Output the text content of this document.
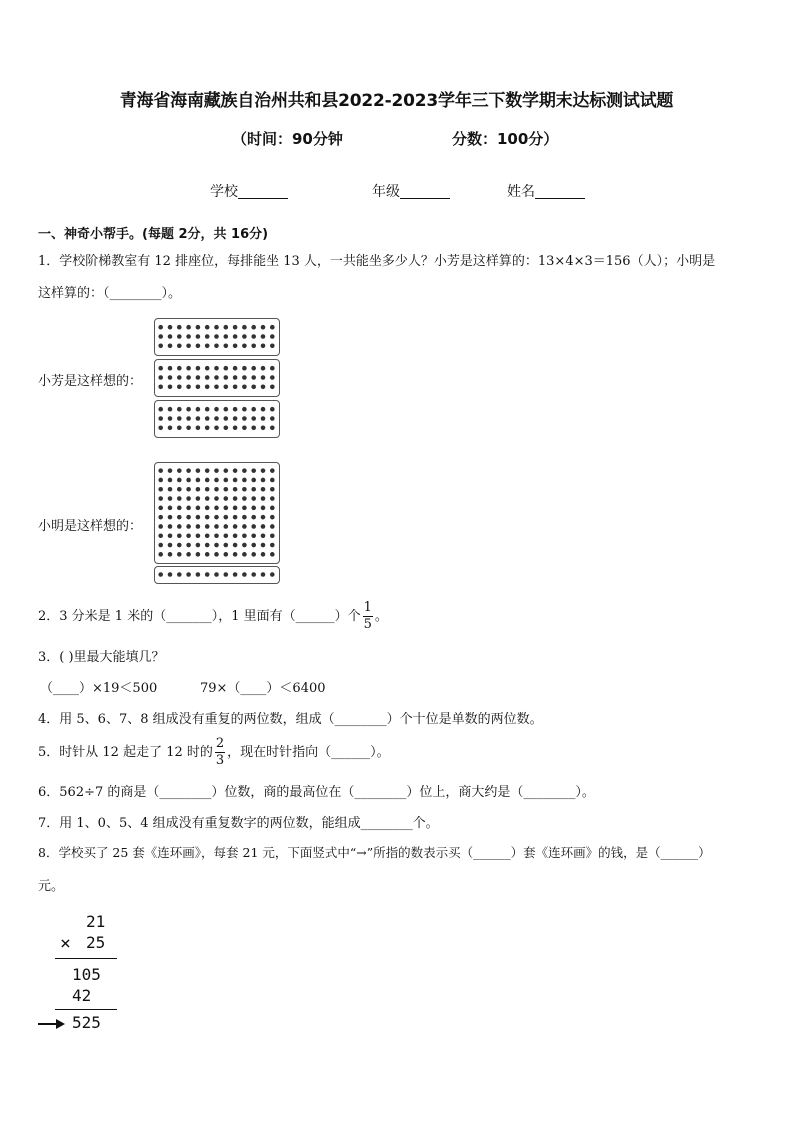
青海省海南藏族自治州共和县2022-2023学年三下数学期末达标测试试题
（时间：90分钟	分数：100分）
学校	年级	姓名
一、神奇小帮手。(每题 2分，共 16分)
1．学校阶梯教室有 12 排座位，每排能坐 13 人，一共能坐多少人？小芳是这样算的：13×4×3＝156（人）；小明是
这样算的：（________）。
小芳是这样想的：
小明是这样想的：
2．3 分米是 1 米的（_______），1 里面有（______）个 $\frac{1}{5}$ 。
3．( )里最大能填几？
（____）×19＜500	79×（____）＜6400
4．用 5、6、7、8 组成没有重复的两位数，组成（________）个十位是单数的两位数。
5．时针从 12 起走了 12 时的 $\frac{2}{3}$ ，现在时针指向（______）。
6．562÷7 的商是（________）位数，商的最高位在（________）位上，商大约是（________）。
7．用 1、0、5、4 组成没有重复数字的两位数，能组成________个。
8．学校买了 25 套《连环画》，每套 21 元，下面竖式中“→”所指的数表示买（______）套《连环画》的钱，是（______）
元。
21
× 25
105
42
525
